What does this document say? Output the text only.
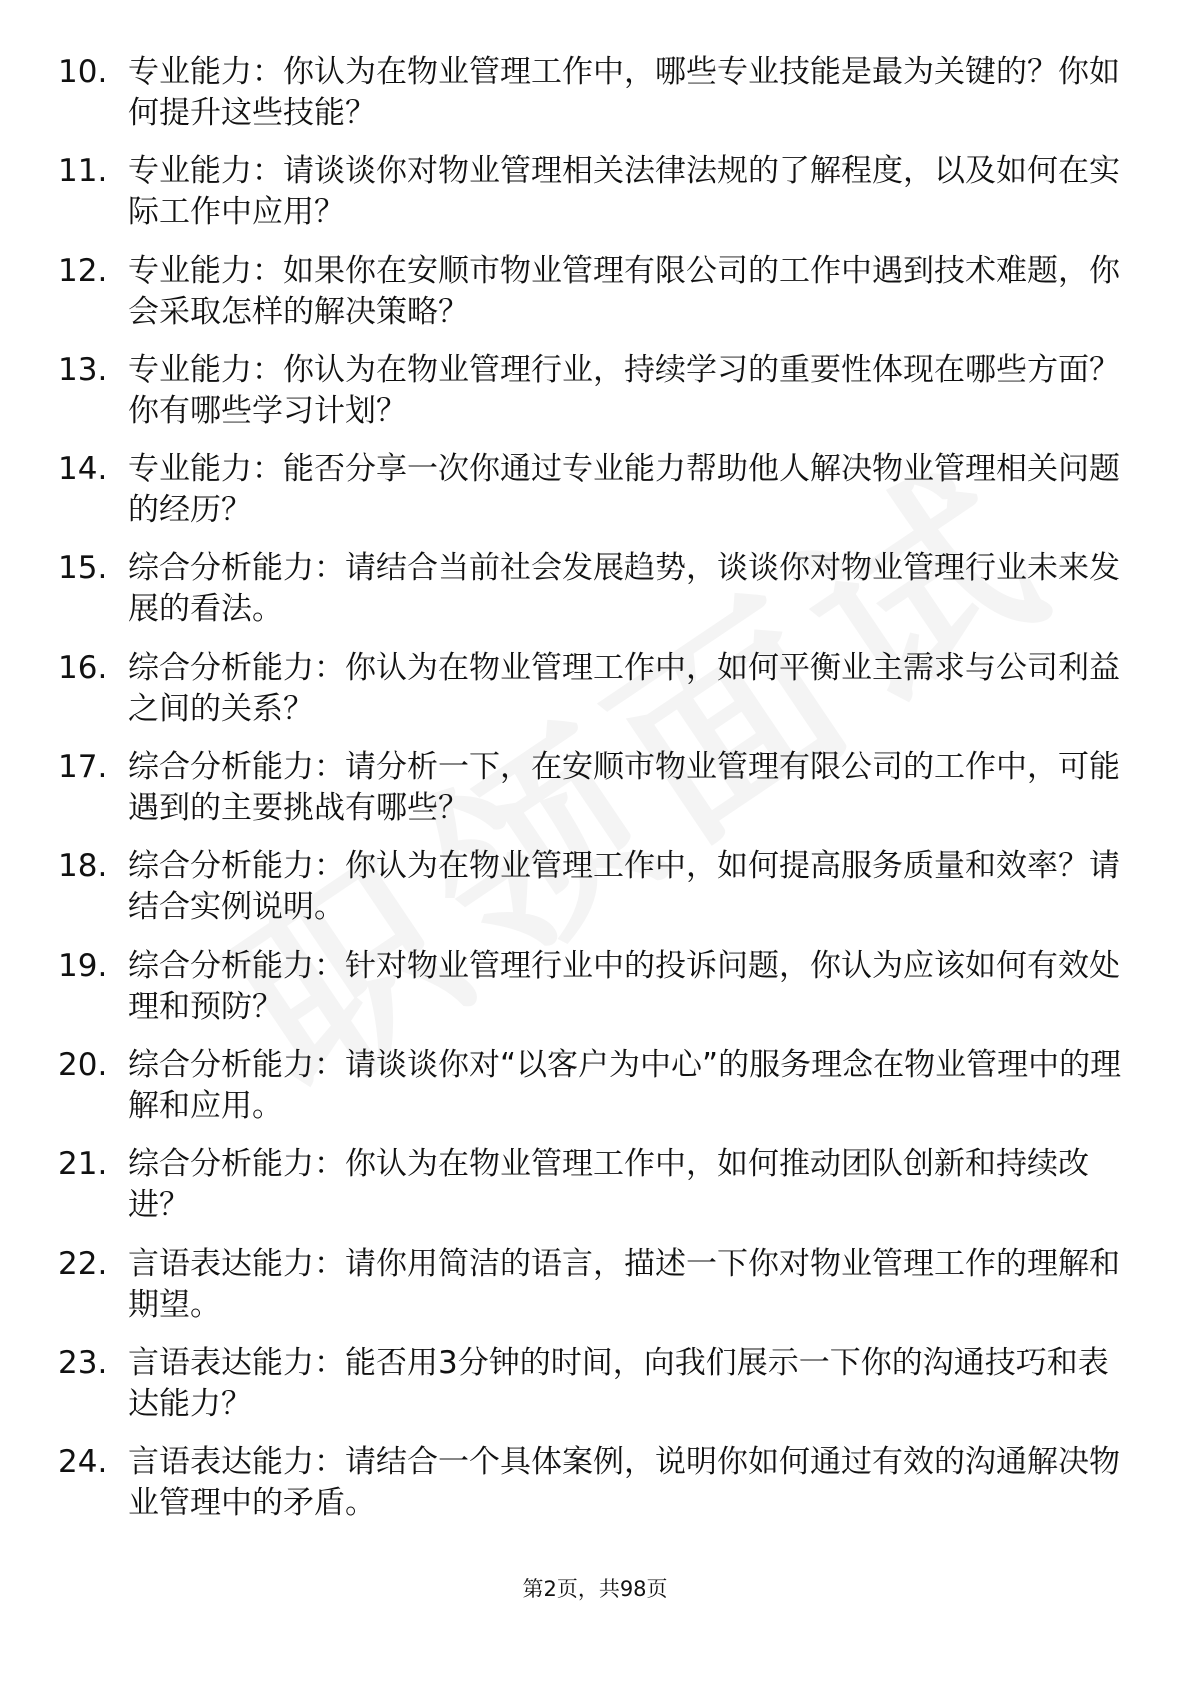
10. 专业能力：你认为在物业管理工作中，哪些专业技能是最为关键的？你如何提升这些技能？
11. 专业能力：请谈谈你对物业管理相关法律法规的了解程度，以及如何在实际工作中应用？
12. 专业能力：如果你在安顺市物业管理有限公司的工作中遇到技术难题，你会采取怎样的解决策略？
13. 专业能力：你认为在物业管理行业，持续学习的重要性体现在哪些方面？你有哪些学习计划？
14. 专业能力：能否分享一次你通过专业能力帮助他人解决物业管理相关问题的经历？
15. 综合分析能力：请结合当前社会发展趋势，谈谈你对物业管理行业未来发展的看法。
16. 综合分析能力：你认为在物业管理工作中，如何平衡业主需求与公司利益之间的关系？
17. 综合分析能力：请分析一下，在安顺市物业管理有限公司的工作中，可能遇到的主要挑战有哪些？
18. 综合分析能力：你认为在物业管理工作中，如何提高服务质量和效率？请结合实例说明。
19. 综合分析能力：针对物业管理行业中的投诉问题，你认为应该如何有效处理和预防？
20. 综合分析能力：请谈谈你对“以客户为中心”的服务理念在物业管理中的理解和应用。
21. 综合分析能力：你认为在物业管理工作中，如何推动团队创新和持续改进？
22. 言语表达能力：请你用简洁的语言，描述一下你对物业管理工作的理解和期望。
23. 言语表达能力：能否用3分钟的时间，向我们展示一下你的沟通技巧和表达能力？
24. 言语表达能力：请结合一个具体案例，说明你如何通过有效的沟通解决物业管理中的矛盾。
第2页，共98页
